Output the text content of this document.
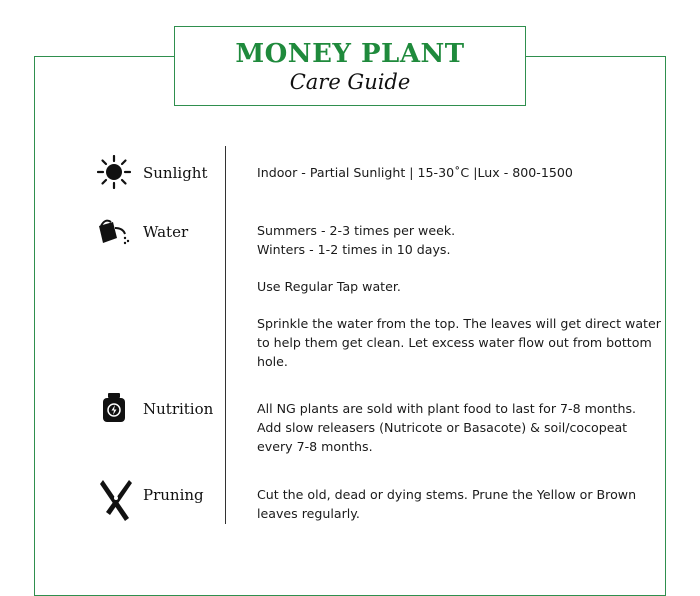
MONEY PLANT
Care Guide
Sunlight	Indoor - Partial Sunlight | 15-30˚C |Lux - 800-1500

Water	Summers - 2-3 times per week.

Winters - 1-2 times in 10 days.

Use Regular Tap water.

Sprinkle the water from the top. The leaves will get direct water

to help them get clean. Let excess water flow out from bottom

hole.

Nutrition	All NG plants are sold with plant food to last for 7-8 months.

Add slow releasers (Nutricote or Basacote) & soil/cocopeat

every 7-8 months.

Pruning	Cut the old, dead or dying stems. Prune the Yellow or Brown

leaves regularly.
